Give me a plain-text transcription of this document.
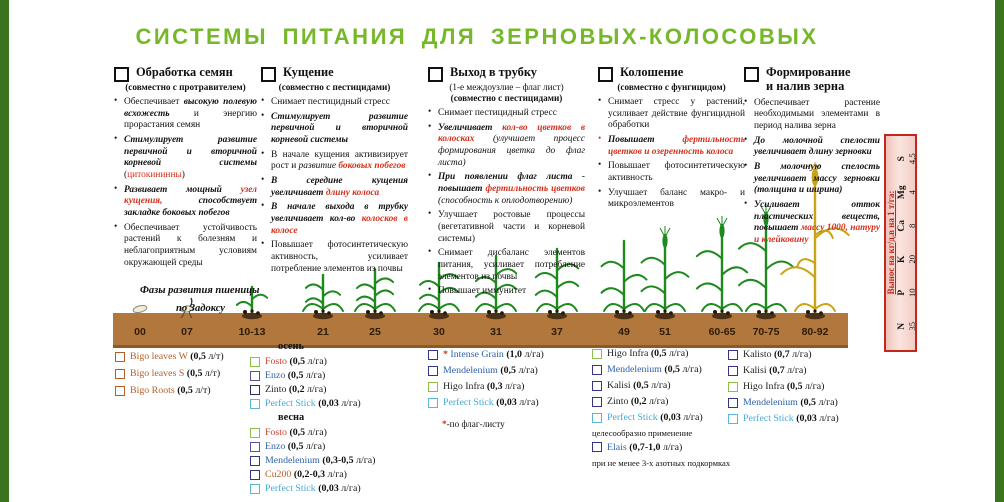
СИСТЕМЫ ПИТАНИЯ ДЛЯ ЗЕРНОВЫХ-КОЛОСОВЫХ
Обработка семян
(совместно с протравителем)
• Обеспечивает высокую полевую всхожесть и энергию прорастания семян
• Стимулирует развитие первичной и вторичной корневой системы (цитокининны)
• Развивает мощный узел кущения, способствует закладке боковых побегов
• Обеспечивает устойчивость растений к болезням и неблагоприятным условиям окружающей среды
Кущение
(совместно с пестицидами)
• Снимает пестицидный стресс
• Стимулирует развитие первичной и вторичной корневой системы
• В начале кущения активизирует рост и развитие боковых побегов
• В середине кущения увеличивает длину колоса
• В начале выхода в трубку увеличивает кол-во колосков в колосе
• Повышает фотосинтетическую активность, усиливает потребление элементов из почвы
Выход в трубку
(1-е междоузлие – флаг лист)
(совместно с пестицидами)
• Снимает пестицидный стресс
• Увеличивает кол-во цветков в колосках (улучшает процесс формирования цветка до флаг листа)
• При появлении флаг листа - повышает фертильность цветков (способность к оплодотворению)
• Улучшает ростовые процессы (вегетативной части и корневой системы)
• Снимает дисбаланс элементов питания, усиливает потребление элементов из почвы
• Повышает иммунитет
Колошение
(совместно с фунгицидом)
• Снимает стресс у растений, усиливает действие фунгицидной обработки
• Повышает фертильность цветков и озеренность колоса
• Повышает фотосинтетическую активность
• Улучшает баланс макро- и микроэлементов
Формирование
и налив зерна
• Обеспечивает растение необходимыми элементами в период налива зерна
• До молочной спелости увеличивает длину зерновки
• В молочную спелость увеличивает массу зерновки (толщина и ширина)
• Усиливает отток пластических веществ, повышает массу 1000, натуру и клейковину
Фазы развития пшеницы
по Задоксу
00	07	10-13	21	25	30	31	37	49	51	60-65	70-75	80-92
Вынос на кг/д.в на 1 т/га:
N 35
P 10
K 20
Ca 8
Mg 4
S 4,5
Bigo leaves W (0,5 л/т)
Bigo leaves S (0,5 л/т)
Bigo Roots (0,5 л/т)
осень
Fosto (0,5 л/га)
Enzo (0,5 л/га)
Zinto (0,2 л/га)
Perfect Stick (0,03 л/га)
весна
Fosto (0,5 л/га)
Enzo (0,5 л/га)
Mendelenium (0,3-0,5 л/га)
Cu200 (0,2-0,3 л/га)
Perfect Stick (0,03 л/га)
* Intense Grain (1,0 л/га)
Mendelenium (0,5 л/га)
Higo Infra (0,3 л/га)
Perfect Stick (0,03 л/га)
*-по флаг-листу
Higo Infra (0,5 л/га)
Mendelenium (0,5 л/га)
Kalisi (0,5 л/га)
Zinto (0,2 л/га)
Perfect Stick (0,03 л/га)
целесообразно применение
Elais (0,7-1,0 л/га)
при не менее 3-х азотных подкормках
Kalisto (0,7 л/га)
Kalisi (0,7 л/га)
Higo Infra (0,5 л/га)
Mendelenium (0,5 л/га)
Perfect Stick (0,03 л/га)
